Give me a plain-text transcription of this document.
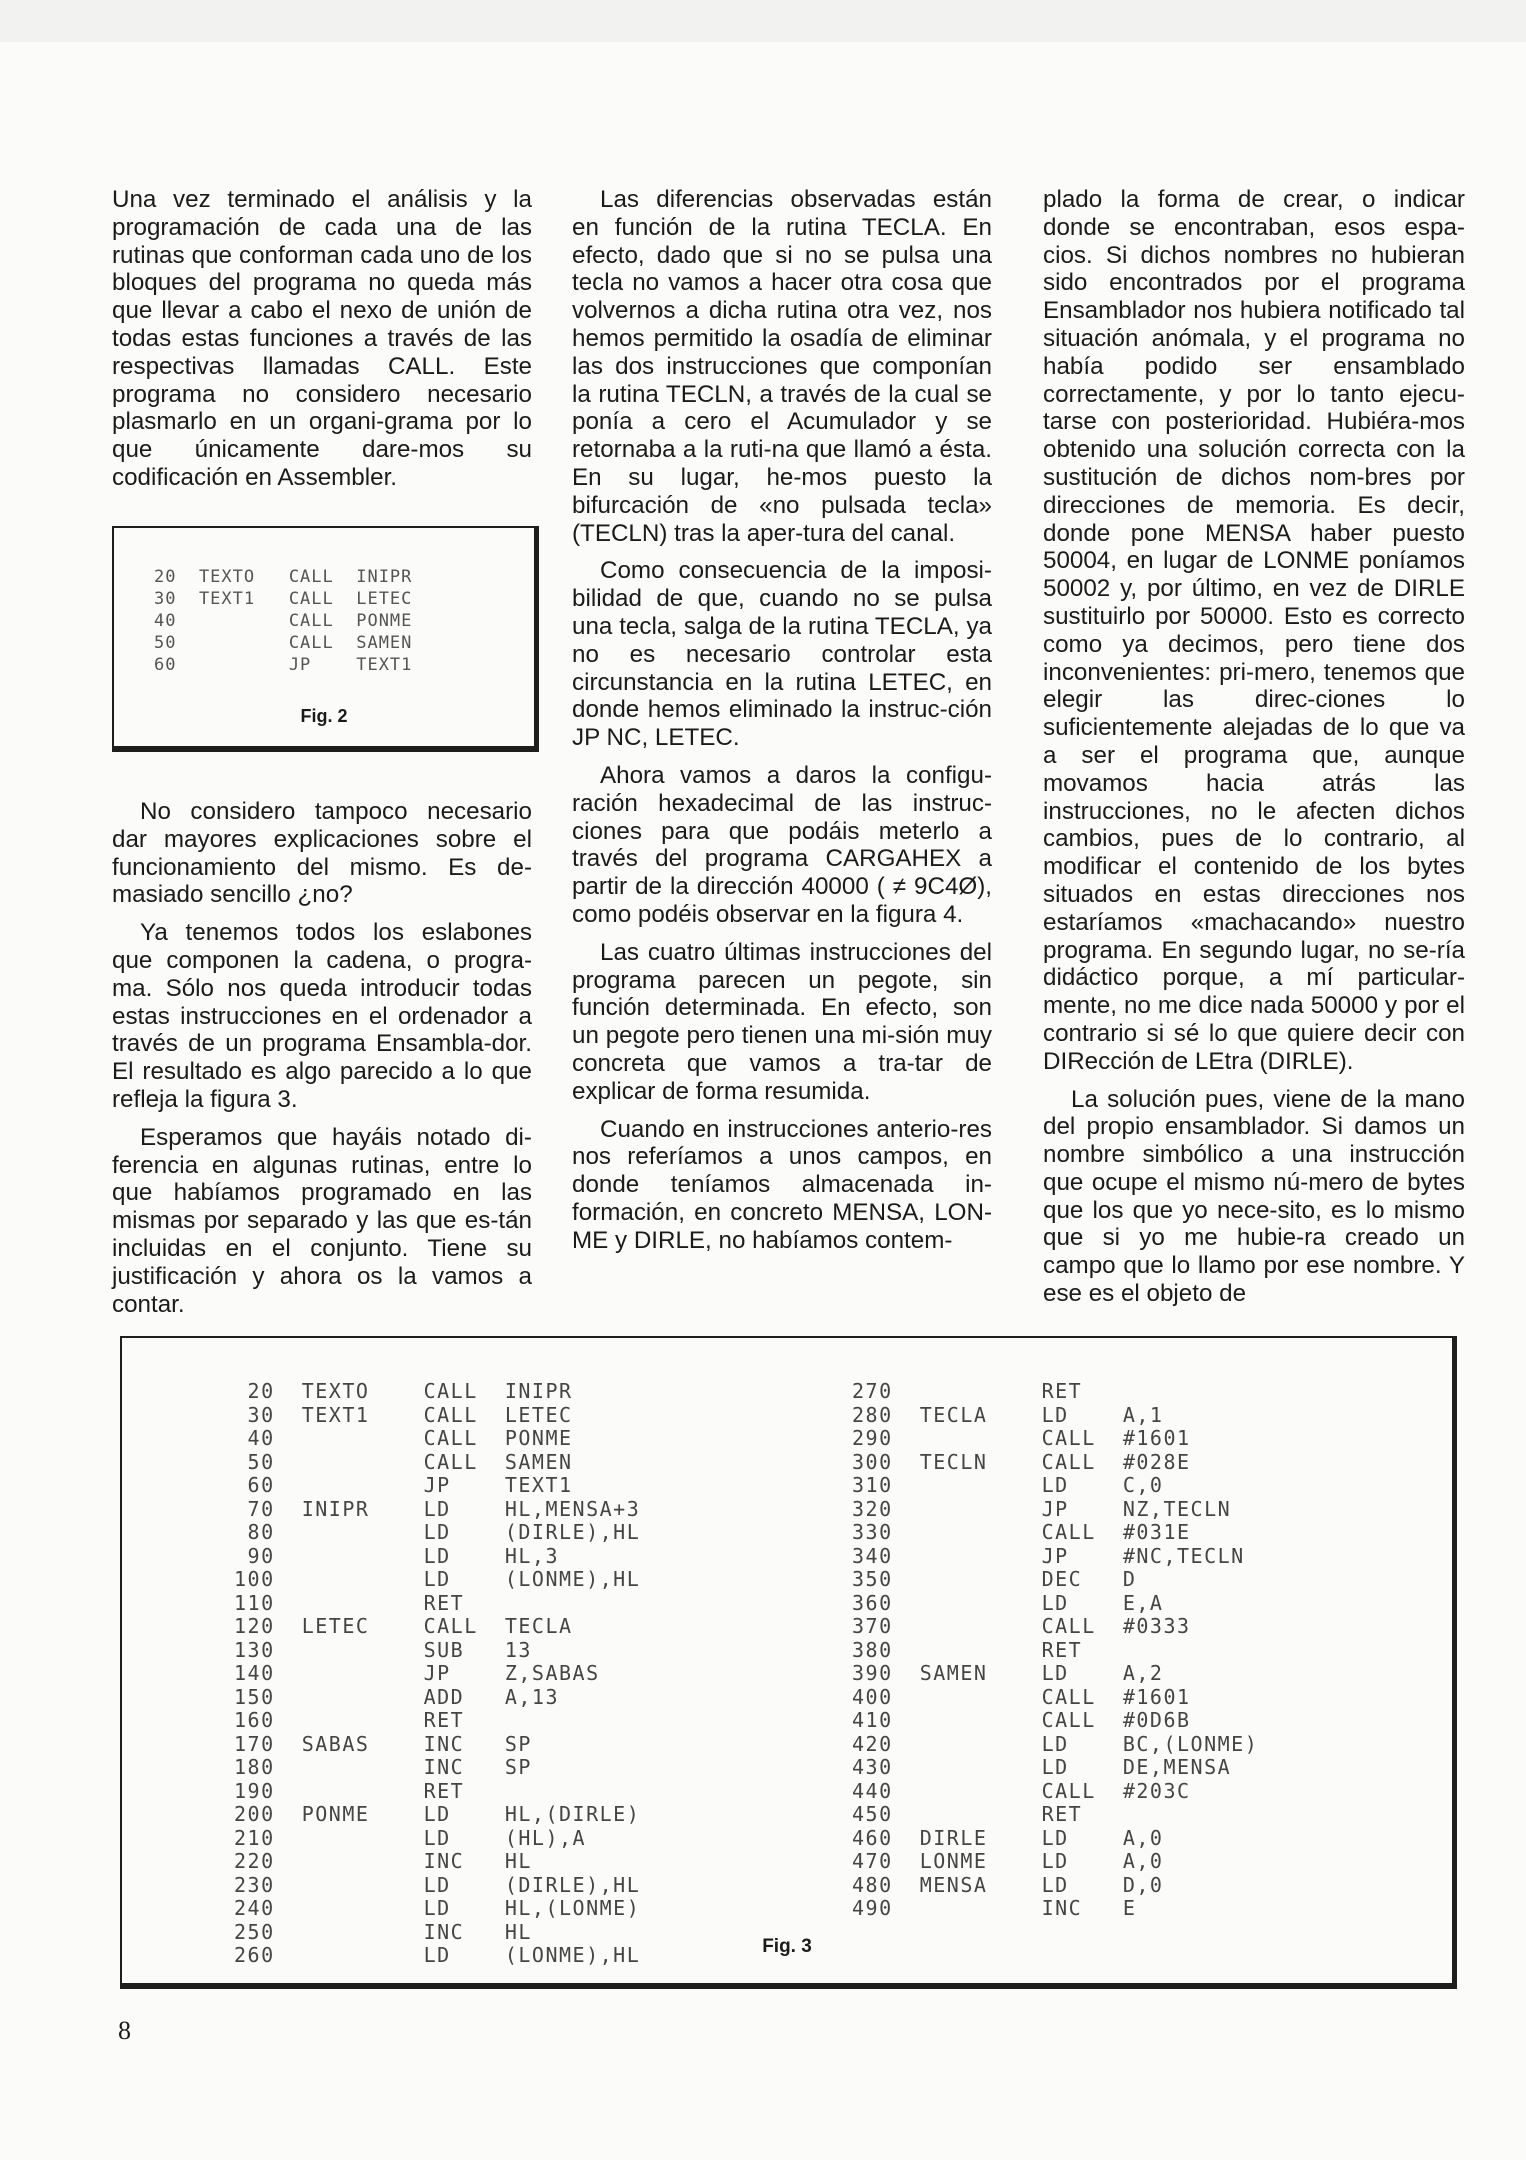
Una vez terminado el análisis y la programación de cada una de las rutinas que conforman cada uno de los bloques del programa no queda más que llevar a cabo el nexo de unión de todas estas funciones a través de las respectivas llamadas CALL. Este programa no considero necesario plasmarlo en un organi-grama por lo que únicamente dare-mos su codificación en Assembler.

20  TEXTO   CALL  INIPR
30  TEXT1   CALL  LETEC
40          CALL  PONME
50          CALL  SAMEN
60          JP    TEXT1
Fig. 2

No considero tampoco necesario dar mayores explicaciones sobre el funcionamiento del mismo. Es de-masiado sencillo ¿no?

Ya tenemos todos los eslabones que componen la cadena, o progra-ma. Sólo nos queda introducir todas estas instrucciones en el ordenador a través de un programa Ensambla-dor. El resultado es algo parecido a lo que refleja la figura 3.

Esperamos que hayáis notado di-ferencia en algunas rutinas, entre lo que habíamos programado en las mismas por separado y las que es-tán incluidas en el conjunto. Tiene su justificación y ahora os la vamos a contar.

Las diferencias observadas están en función de la rutina TECLA. En efecto, dado que si no se pulsa una tecla no vamos a hacer otra cosa que volvernos a dicha rutina otra vez, nos hemos permitido la osadía de eliminar las dos instrucciones que componían la rutina TECLN, a través de la cual se ponía a cero el Acumulador y se retornaba a la ruti-na que llamó a ésta. En su lugar, he-mos puesto la bifurcación de «no pulsada tecla» (TECLN) tras la aper-tura del canal.

Como consecuencia de la imposi-bilidad de que, cuando no se pulsa una tecla, salga de la rutina TECLA, ya no es necesario controlar esta circunstancia en la rutina LETEC, en donde hemos eliminado la instruc-ción JP NC, LETEC.

Ahora vamos a daros la configu-ración hexadecimal de las instruc-ciones para que podáis meterlo a través del programa CARGAHEX a partir de la dirección 40000 ( ≠ 9C4Ø), como podéis observar en la figura 4.

Las cuatro últimas instrucciones del programa parecen un pegote, sin función determinada. En efecto, son un pegote pero tienen una mi-sión muy concreta que vamos a tra-tar de explicar de forma resumida.

Cuando en instrucciones anterio-res nos referíamos a unos campos, en donde teníamos almacenada in-formación, en concreto MENSA, LON-ME y DIRLE, no habíamos contem-

plado la forma de crear, o indicar donde se encontraban, esos espa-cios. Si dichos nombres no hubieran sido encontrados por el programa Ensamblador nos hubiera notificado tal situación anómala, y el programa no había podido ser ensamblado correctamente, y por lo tanto ejecu-tarse con posterioridad. Hubiéra-mos obtenido una solución correcta con la sustitución de dichos nom-bres por direcciones de memoria. Es decir, donde pone MENSA haber puesto 50004, en lugar de LONME poníamos 50002 y, por último, en vez de DIRLE sustituirlo por 50000. Esto es correcto como ya decimos, pero tiene dos inconvenientes: pri-mero, tenemos que elegir las direc-ciones lo suficientemente alejadas de lo que va a ser el programa que, aunque movamos hacia atrás las instrucciones, no le afecten dichos cambios, pues de lo contrario, al modificar el contenido de los bytes situados en estas direcciones nos estaríamos «machacando» nuestro programa. En segundo lugar, no se-ría didáctico porque, a mí particular-mente, no me dice nada 50000 y por el contrario si sé lo que quiere decir con DIRección de LEtra (DIRLE).

La solución pues, viene de la mano del propio ensamblador. Si damos un nombre simbólico a una instrucción que ocupe el mismo nú-mero de bytes que los que yo nece-sito, es lo mismo que si yo me hubie-ra creado un campo que lo llamo por ese nombre. Y ese es el objeto de

20  TEXTO    CALL  INIPR
30  TEXT1    CALL  LETEC
40           CALL  PONME
50           CALL  SAMEN
60           JP    TEXT1
70  INIPR    LD    HL,MENSA+3
80           LD    (DIRLE),HL
90           LD    HL,3
100           LD    (LONME),HL
110           RET
120  LETEC    CALL  TECLA
130           SUB   13
140           JP    Z,SABAS
150           ADD   A,13
160           RET
170  SABAS    INC   SP
180           INC   SP
190           RET
200  PONME    LD    HL,(DIRLE)
210           LD    (HL),A
220           INC   HL
230           LD    (DIRLE),HL
240           LD    HL,(LONME)
250           INC   HL
260           LD    (LONME),HL
270           RET
280  TECLA    LD    A,1
290           CALL  #1601
300  TECLN    CALL  #028E
310           LD    C,0
320           JP    NZ,TECLN
330           CALL  #031E
340           JP    #NC,TECLN
350           DEC   D
360           LD    E,A
370           CALL  #0333
380           RET
390  SAMEN    LD    A,2
400           CALL  #1601
410           CALL  #0D6B
420           LD    BC,(LONME)
430           LD    DE,MENSA
440           CALL  #203C
450           RET
460  DIRLE    LD    A,0
470  LONME    LD    A,0
480  MENSA    LD    D,0
490           INC   E
Fig. 3
8
